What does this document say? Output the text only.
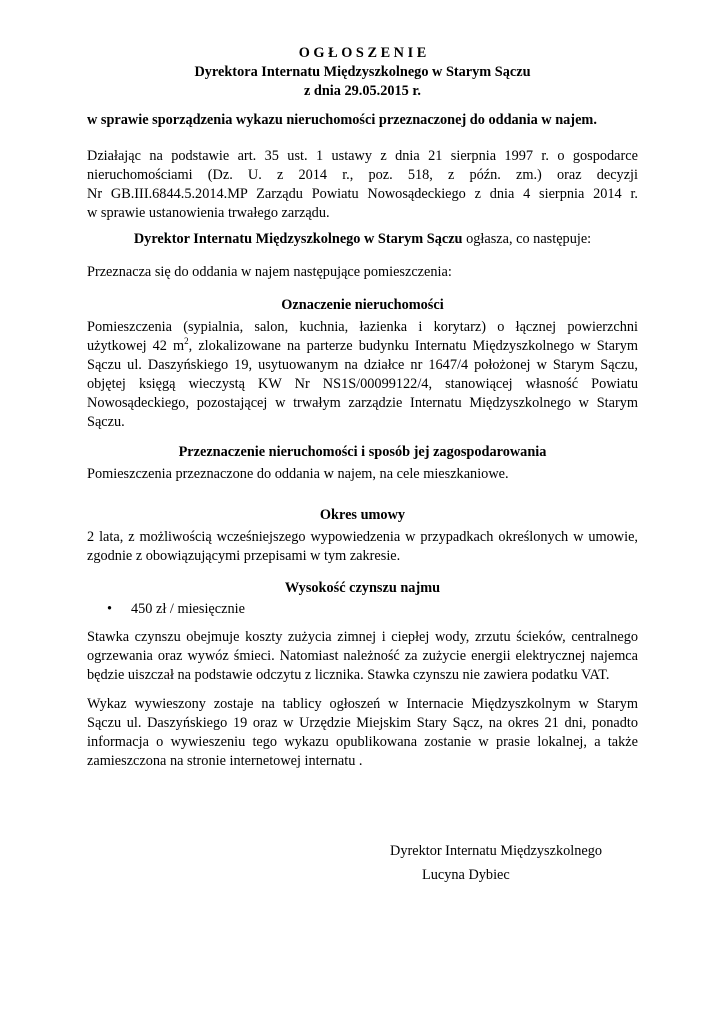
O G Ł O S Z E N I E
Dyrektora Internatu Międzyszkolnego w Starym Sączu
z dnia 29.05.2015 r.
w sprawie sporządzenia wykazu nieruchomości przeznaczonej do oddania w najem.
Działając na podstawie art. 35 ust. 1 ustawy z dnia 21 sierpnia 1997 r. o gospodarce
nieruchomościami (Dz. U. z 2014 r., poz. 518, z późn. zm.) oraz decyzji
Nr GB.III.6844.5.2014.MP Zarządu Powiatu Nowosądeckiego z dnia 4 sierpnia 2014 r.
w sprawie ustanowienia trwałego zarządu.
Dyrektor Internatu Międzyszkolnego w Starym Sączu ogłasza, co następuje:
Przeznacza się do oddania w najem następujące pomieszczenia:
Oznaczenie nieruchomości
Pomieszczenia (sypialnia, salon, kuchnia, łazienka i korytarz) o łącznej powierzchni
użytkowej 42 $m^2$, zlokalizowane na parterze budynku Internatu Międzyszkolnego w Starym
Sączu ul. Daszyńskiego 19, usytuowanym na działce nr 1647/4 położonej w Starym Sączu,
objętej księgą wieczystą KW Nr NS1S/00099122/4, stanowiącej własność Powiatu
Nowosądeckiego, pozostającej w trwałym zarządzie Internatu Międzyszkolnego w Starym
Sączu.
Przeznaczenie nieruchomości i sposób jej zagospodarowania
Pomieszczenia przeznaczone do oddania w najem, na cele mieszkaniowe.
Okres umowy
2 lata, z możliwością wcześniejszego wypowiedzenia w przypadkach określonych w umowie,
zgodnie z obowiązującymi przepisami w tym zakresie.
Wysokość czynszu najmu
• 450 zł / miesięcznie
Stawka czynszu obejmuje koszty zużycia zimnej i ciepłej wody, zrzutu ścieków, centralnego
ogrzewania oraz wywóz śmieci. Natomiast należność za zużycie energii elektrycznej najemca
będzie uiszczał na podstawie odczytu z licznika. Stawka czynszu nie zawiera podatku VAT.
Wykaz wywieszony zostaje na tablicy ogłoszeń w Internacie Międzyszkolnym w Starym
Sączu ul. Daszyńskiego 19 oraz w Urzędzie Miejskim Stary Sącz, na okres 21 dni, ponadto
informacja o wywieszeniu tego wykazu opublikowana zostanie w prasie lokalnej, a także
zamieszczona na stronie internetowej internatu .
Dyrektor Internatu Międzyszkolnego
Lucyna Dybiec
